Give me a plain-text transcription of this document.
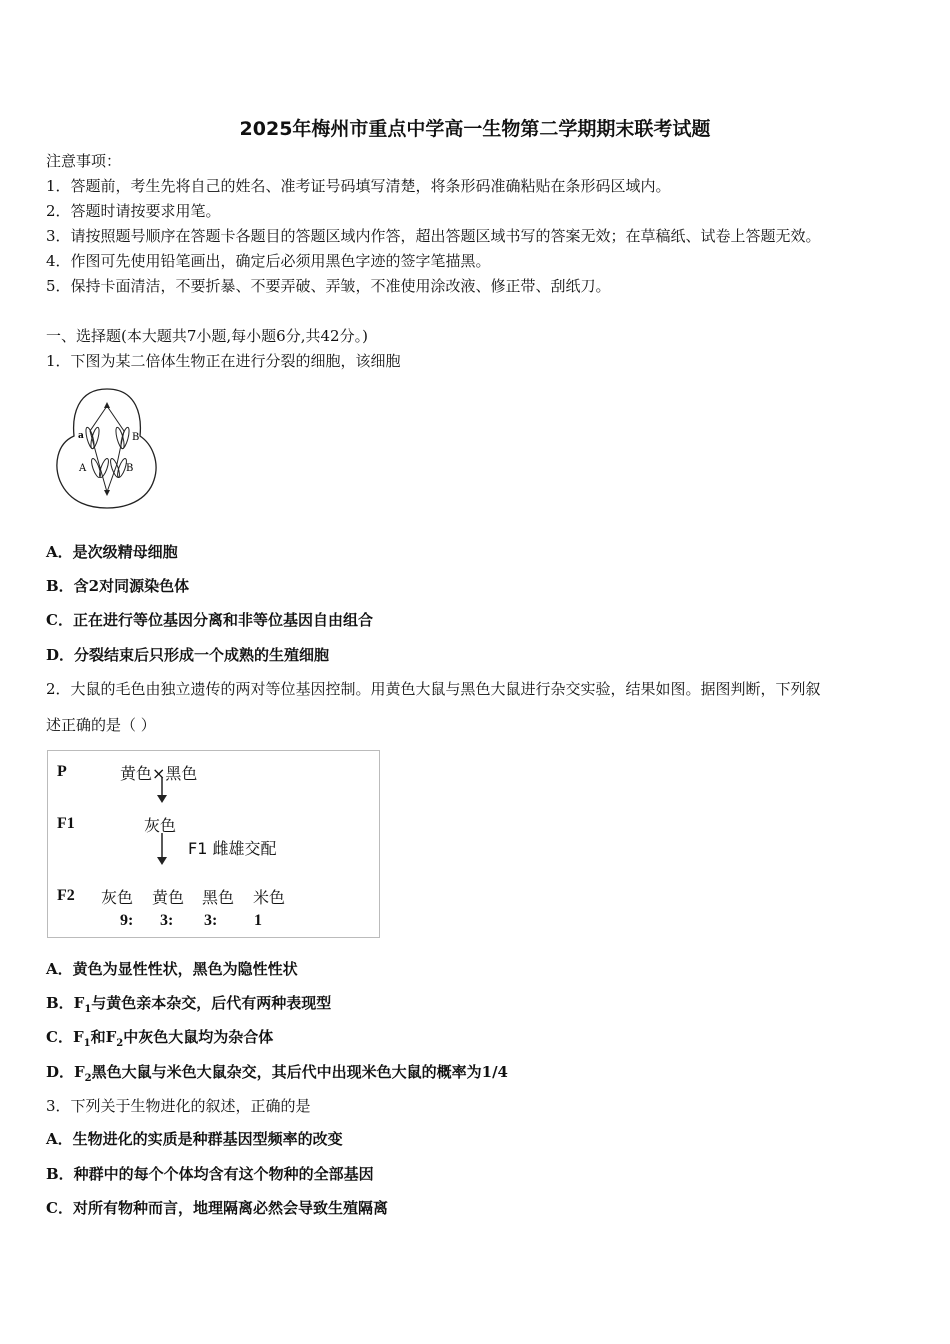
2025年梅州市重点中学高一生物第二学期期末联考试题
注意事项：
1．答题前，考生先将自己的姓名、准考证号码填写清楚，将条形码准确粘贴在条形码区域内。
2．答题时请按要求用笔。
3．请按照题号顺序在答题卡各题目的答题区域内作答，超出答题区域书写的答案无效；在草稿纸、试卷上答题无效。
4．作图可先使用铅笔画出，确定后必须用黑色字迹的签字笔描黑。
5．保持卡面清洁，不要折暴、不要弄破、弄皱，不准使用涂改液、修正带、刮纸刀。
一、选择题(本大题共7小题,每小题6分,共42分。)
1．下图为某二倍体生物正在进行分裂的细胞，该细胞
a	B
A	B
A．是次级精母细胞
B．含2对同源染色体
C．正在进行等位基因分离和非等位基因自由组合
D．分裂结束后只形成一个成熟的生殖细胞
2．大鼠的毛色由独立遗传的两对等位基因控制。用黄色大鼠与黑色大鼠进行杂交实验，结果如图。据图判断，下列叙
述正确的是（ ）
P	黄色×黑色
F1	灰色
F1 雌雄交配
F2 灰色 黄色 黑色 米色
9: 3: 3: 1
A．黄色为显性性状，黑色为隐性性状
B．$F_1$与黄色亲本杂交，后代有两种表现型
C．$F_1$和$F_2$中灰色大鼠均为杂合体
D．$F_2$黑色大鼠与米色大鼠杂交，其后代中出现米色大鼠的概率为1/4
3．下列关于生物进化的叙述，正确的是
A．生物进化的实质是种群基因型频率的改变
B．种群中的每个个体均含有这个物种的全部基因
C．对所有物种而言，地理隔离必然会导致生殖隔离
